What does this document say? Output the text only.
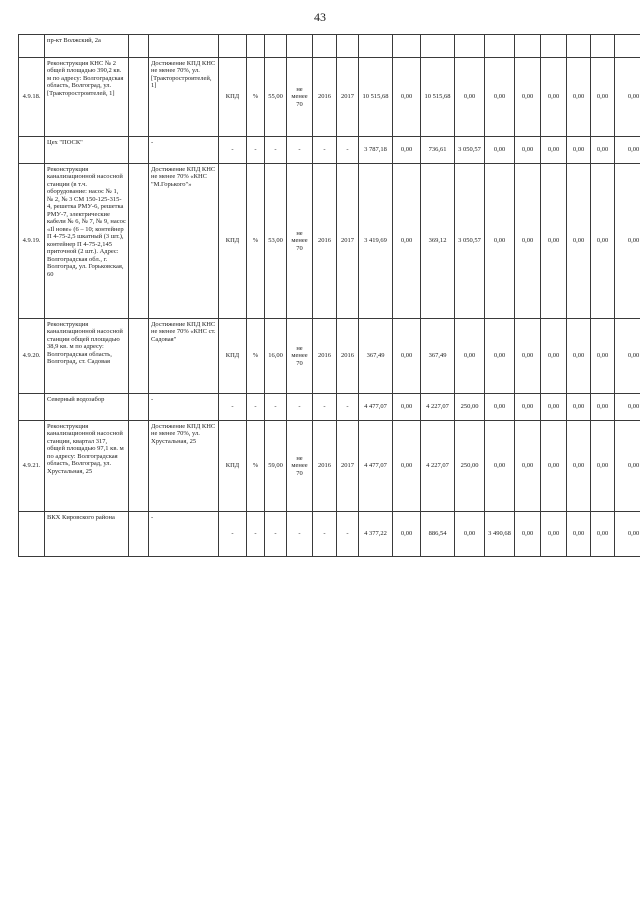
43
	пр-кт Волжский, 2а																		
4.9.18.	Реконструкция КНС № 2 общей площадью 390,2 кв. м по адресу: Волгоградская область, Волгоград, ул. [Тракторостроителей, 1]		Достижение КПД КНС не менее 70%, ул. [Тракторостроителей, 1]	КПД	%	55,00	не менее 70	2016	2017	10 515,68	0,00	10 515,68	0,00	0,00	0,00	0,00	0,00	0,00	0,00
	Цех "ПОСК"		-	-	-	-	-	-	-	3 787,18	0,00	736,61	3 050,57	0,00	0,00	0,00	0,00	0,00	0,00
4.9.19.	Реконструкция канализационной насосной станции (в т.ч. оборудование: насос № 1, № 2, № 3 СМ 150-125-315-4, решетка РМУ-6, решетка РМУ-7, электрические кабели № 6, № 7, № 9, насос «Il нове» (6 – 10; контейнер П 4-75-2,5 шкатный (3 шт.), контейнер П 4-75-2,145 приточной (2 шт.). Адрес: Волгоградская обл., г. Волгоград, ул. Горьковская, 60		Достижение КПД КНС не менее 70% «КНС "М.Горького"»	КПД	%	53,00	не менее 70	2016	2017	3 419,69	0,00	369,12	3 050,57	0,00	0,00	0,00	0,00	0,00	0,00
4.9.20.	Реконструкция канализационной насосной станции общей площадью 38,9 кв. м по адресу: Волгоградская область, Волгоград, ст. Садовая		Достижение КПД КНС не менее 70% «КНС ст. Садовая"	КПД	%	16,00	не менее 70	2016	2016	367,49	0,00	367,49	0,00	0,00	0,00	0,00	0,00	0,00	0,00
	Северный водозабор		-	-	-	-	-	-	-	4 477,07	0,00	4 227,07	250,00	0,00	0,00	0,00	0,00	0,00	0,00
4.9.21.	Реконструкция канализационной насосной станции, квартал 317, общей площадью 97,1 кв. м по адресу: Волгоградская область, Волгоград, ул. Хрустальная, 25		Достижение КПД КНС не менее 70%, ул. Хрустальная, 25	КПД	%	59,00	не менее 70	2016	2017	4 477,07	0,00	4 227,07	250,00	0,00	0,00	0,00	0,00	0,00	0,00
	ВКХ Кировского района		-	-	-	-	-	-	-	4 377,22	0,00	886,54	0,00	3 490,68	0,00	0,00	0,00	0,00	0,00
